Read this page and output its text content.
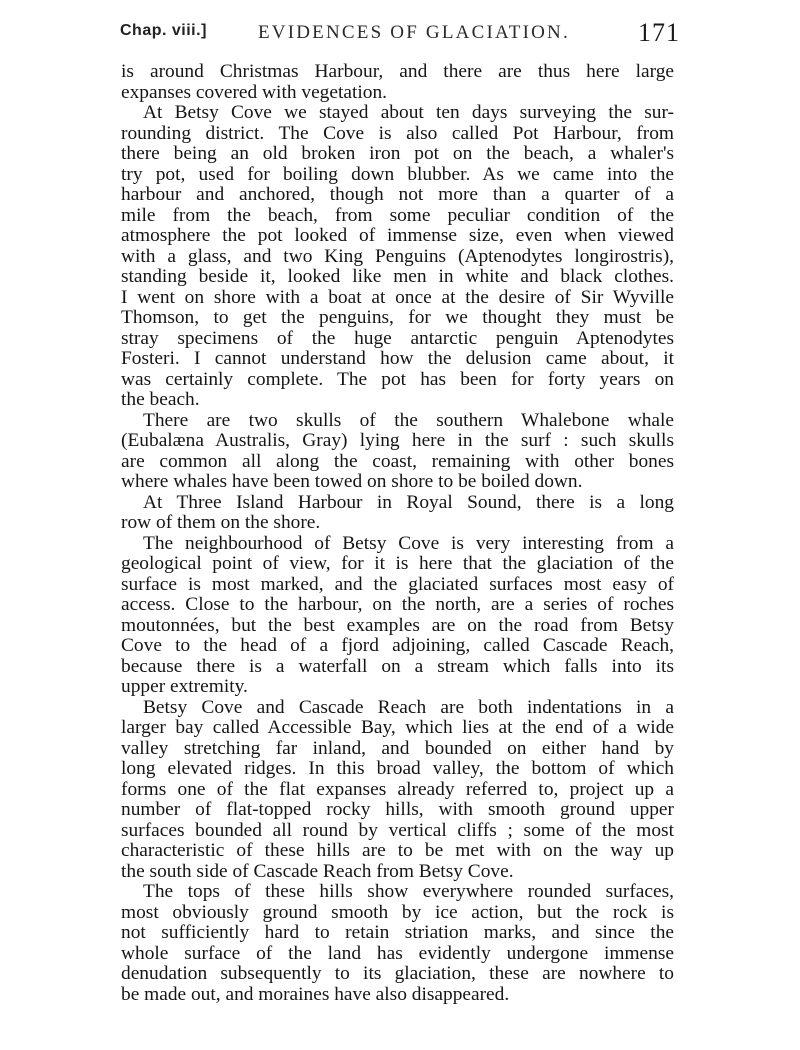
Chap. viii.]	EVIDENCES OF GLACIATION.	171
is around Christmas Harbour, and there are thus here large
expanses covered with vegetation.
At Betsy Cove we stayed about ten days surveying the sur-
rounding district. The Cove is also called Pot Harbour, from
there being an old broken iron pot on the beach, a whaler's
try pot, used for boiling down blubber. As we came into the
harbour and anchored, though not more than a quarter of a
mile from the beach, from some peculiar condition of the
atmosphere the pot looked of immense size, even when viewed
with a glass, and two King Penguins (Aptenodytes longirostris),
standing beside it, looked like men in white and black clothes.
I went on shore with a boat at once at the desire of Sir Wyville
Thomson, to get the penguins, for we thought they must be
stray specimens of the huge antarctic penguin Aptenodytes
Fosteri. I cannot understand how the delusion came about, it
was certainly complete. The pot has been for forty years on
the beach.
There are two skulls of the southern Whalebone whale
(Eubalæna Australis, Gray) lying here in the surf : such skulls
are common all along the coast, remaining with other bones
where whales have been towed on shore to be boiled down.
At Three Island Harbour in Royal Sound, there is a long
row of them on the shore.
The neighbourhood of Betsy Cove is very interesting from a
geological point of view, for it is here that the glaciation of the
surface is most marked, and the glaciated surfaces most easy of
access. Close to the harbour, on the north, are a series of roches
moutonnées, but the best examples are on the road from Betsy
Cove to the head of a fjord adjoining, called Cascade Reach,
because there is a waterfall on a stream which falls into its
upper extremity.
Betsy Cove and Cascade Reach are both indentations in a
larger bay called Accessible Bay, which lies at the end of a wide
valley stretching far inland, and bounded on either hand by
long elevated ridges. In this broad valley, the bottom of which
forms one of the flat expanses already referred to, project up a
number of flat-topped rocky hills, with smooth ground upper
surfaces bounded all round by vertical cliffs ; some of the most
characteristic of these hills are to be met with on the way up
the south side of Cascade Reach from Betsy Cove.
The tops of these hills show everywhere rounded surfaces,
most obviously ground smooth by ice action, but the rock is
not sufficiently hard to retain striation marks, and since the
whole surface of the land has evidently undergone immense
denudation subsequently to its glaciation, these are nowhere to
be made out, and moraines have also disappeared.
